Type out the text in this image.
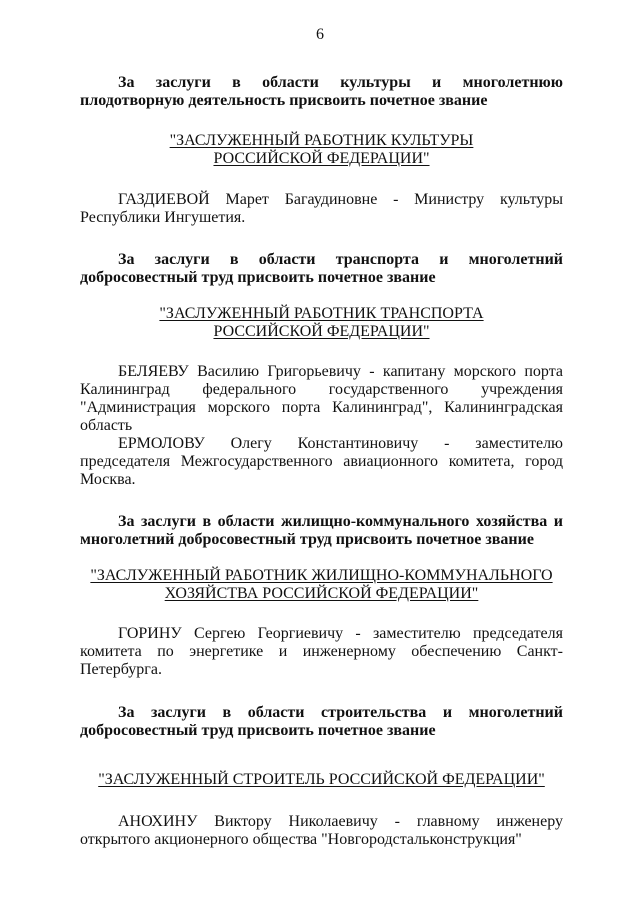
6

За заслуги в области культуры и многолетнюю плодотворную деятельность присвоить почетное звание

"ЗАСЛУЖЕННЫЙ РАБОТНИК КУЛЬТУРЫ
РОССИЙСКОЙ ФЕДЕРАЦИИ"

ГАЗДИЕВОЙ Марет Багаудиновне - Министру культуры Республики Ингушетия.

За заслуги в области транспорта и многолетний добросовестный труд присвоить почетное звание

"ЗАСЛУЖЕННЫЙ РАБОТНИК ТРАНСПОРТА
РОССИЙСКОЙ ФЕДЕРАЦИИ"

БЕЛЯЕВУ Василию Григорьевичу - капитану морского порта Калининград федерального государственного учреждения "Администрация морского порта Калининград", Калининградская область

ЕРМОЛОВУ Олегу Константиновичу - заместителю председателя Межгосударственного авиационного комитета, город Москва.

За заслуги в области жилищно-коммунального хозяйства и многолетний добросовестный труд присвоить почетное звание

"ЗАСЛУЖЕННЫЙ РАБОТНИК ЖИЛИЩНО-КОММУНАЛЬНОГО
ХОЗЯЙСТВА РОССИЙСКОЙ ФЕДЕРАЦИИ"

ГОРИНУ Сергею Георгиевичу - заместителю председателя комитета по энергетике и инженерному обеспечению Санкт-Петербурга.

За заслуги в области строительства и многолетний добросовестный труд присвоить почетное звание

"ЗАСЛУЖЕННЫЙ СТРОИТЕЛЬ РОССИЙСКОЙ ФЕДЕРАЦИИ"

АНОХИНУ Виктору Николаевичу - главному инженеру открытого акционерного общества "Новгородстальконструкция"
